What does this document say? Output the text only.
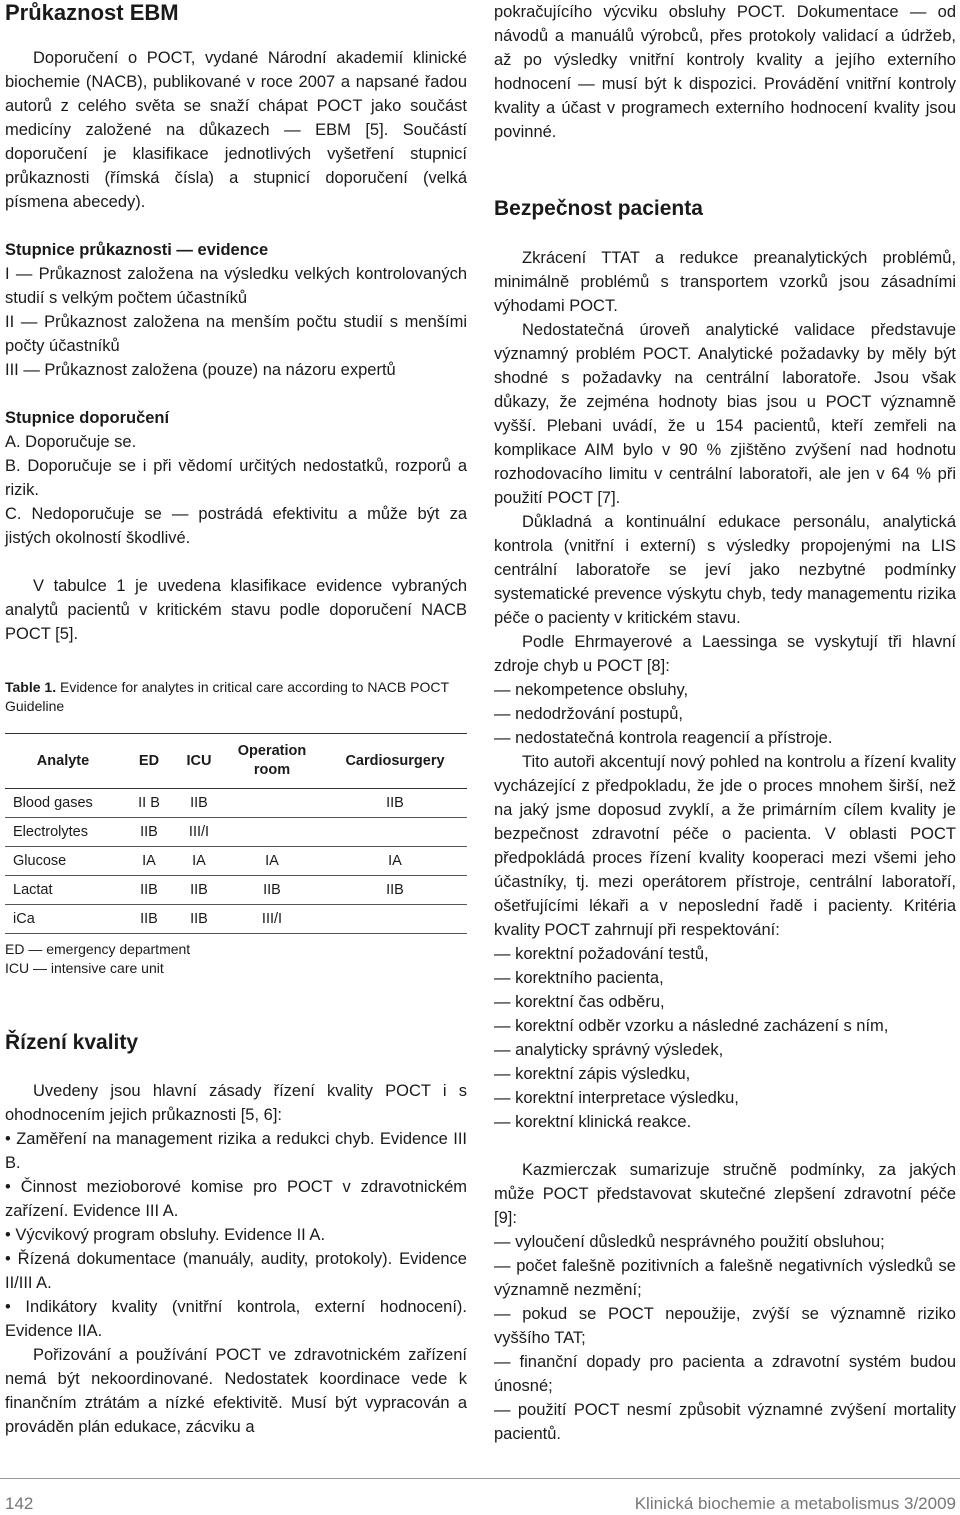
Průkaznost EBM

Doporučení o POCT, vydané Národní akademií klinické biochemie (NACB), publikované v roce 2007 a napsané řadou autorů z celého světa se snaží chápat POCT jako součást medicíny založené na důkazech — EBM [5]. Součástí doporučení je klasifikace jednotlivých vyšetření stupnicí průkaznosti (římská čísla) a stupnicí doporučení (velká písmena abecedy).

Stupnice průkaznosti — evidence

I — Průkaznost založena na výsledku velkých kontrolovaných studií s velkým počtem účastníků

II — Průkaznost založena na menším počtu studií s menšími počty účastníků

III — Průkaznost založena (pouze) na názoru expertů

Stupnice doporučení

A. Doporučuje se.

B. Doporučuje se i při vědomí určitých nedostatků, rozporů a rizik.

C. Nedoporučuje se — postrádá efektivitu a může být za jistých okolností škodlivé.

V tabulce 1 je uvedena klasifikace evidence vybraných analytů pacientů v kritickém stavu podle doporučení NACB POCT [5].

Table 1. Evidence for analytes in critical care according to NACB POCT Guideline

Analyte	ED	ICU	Operation room	Cardiosurgery
Blood gases	II B	IIB		IIB
Electrolytes	IIB	III/I		
Glucose	IA	IA	IA	IA
Lactat	IIB	IIB	IIB	IIB
iCa	IIB	IIB	III/I	

ED — emergency department

ICU — intensive care unit

Řízení kvality

Uvedeny jsou hlavní zásady řízení kvality POCT i s ohodnocením jejich průkaznosti [5, 6]:

• Zaměření na management rizika a redukci chyb. Evidence III B.

• Činnost mezioborové komise pro POCT v zdravotnickém zařízení. Evidence III A.

• Výcvikový program obsluhy. Evidence II A.

• Řízená dokumentace (manuály, audity, protokoly). Evidence II/III A.

• Indikátory kvality (vnitřní kontrola, externí hodnocení). Evidence IIA.

Pořizování a používání POCT ve zdravotnickém zařízení nemá být nekoordinované. Nedostatek koordinace vede k finančním ztrátám a nízké efektivitě. Musí být vypracován a prováděn plán edukace, zácviku a

pokračujícího výcviku obsluhy POCT. Dokumentace — od návodů a manuálů výrobců, přes protokoly validací a údržeb, až po výsledky vnitřní kontroly kvality a jejího externího hodnocení — musí být k dispozici. Provádění vnitřní kontroly kvality a účast v programech externího hodnocení kvality jsou povinné.

Bezpečnost pacienta

Zkrácení TTAT a redukce preanalytických problémů, minimálně problémů s transportem vzorků jsou zásadními výhodami POCT.

Nedostatečná úroveň analytické validace představuje významný problém POCT. Analytické požadavky by měly být shodné s požadavky na centrální laboratoře. Jsou však důkazy, že zejména hodnoty bias jsou u POCT významně vyšší. Plebani uvádí, že u 154 pacientů, kteří zemřeli na komplikace AIM bylo v 90 % zjištěno zvýšení nad hodnotu rozhodovacího limitu v centrální laboratoři, ale jen v 64 % při použití POCT [7].

Důkladná a kontinuální edukace personálu, analytická kontrola (vnitřní i externí) s výsledky propojenými na LIS centrální laboratoře se jeví jako nezbytné podmínky systematické prevence výskytu chyb, tedy managementu rizika péče o pacienty v kritickém stavu.

Podle Ehrmayerové a Laessinga se vyskytují tři hlavní zdroje chyb u POCT [8]:

— nekompetence obsluhy,

— nedodržování postupů,

— nedostatečná kontrola reagencií a přístroje.

Tito autoři akcentují nový pohled na kontrolu a řízení kvality vycházející z předpokladu, že jde o proces mnohem širší, než na jaký jsme doposud zvyklí, a že primárním cílem kvality je bezpečnost zdravotní péče o pacienta. V oblasti POCT předpokládá proces řízení kvality kooperaci mezi všemi jeho účastníky, tj. mezi operátorem přístroje, centrální laboratoří, ošetřujícími lékaři a v neposlední řadě i pacienty. Kritéria kvality POCT zahrnují při respektování:

— korektní požadování testů,

— korektního pacienta,

— korektní čas odběru,

— korektní odběr vzorku a následné zacházení s ním,

— analyticky správný výsledek,

— korektní zápis výsledku,

— korektní interpretace výsledku,

— korektní klinická reakce.

Kazmierczak sumarizuje stručně podmínky, za jakých může POCT představovat skutečné zlepšení zdravotní péče [9]:

— vyloučení důsledků nesprávného použití obsluhou;

— počet falešně pozitivních a falešně negativních výsledků se významně nezmění;

— pokud se POCT nepoužije, zvýší se významně riziko vyššího TAT;

— finanční dopady pro pacienta a zdravotní systém budou únosné;

— použití POCT nesmí způsobit významné zvýšení mortality pacientů.

142	Klinická biochemie a metabolismus 3/2009
